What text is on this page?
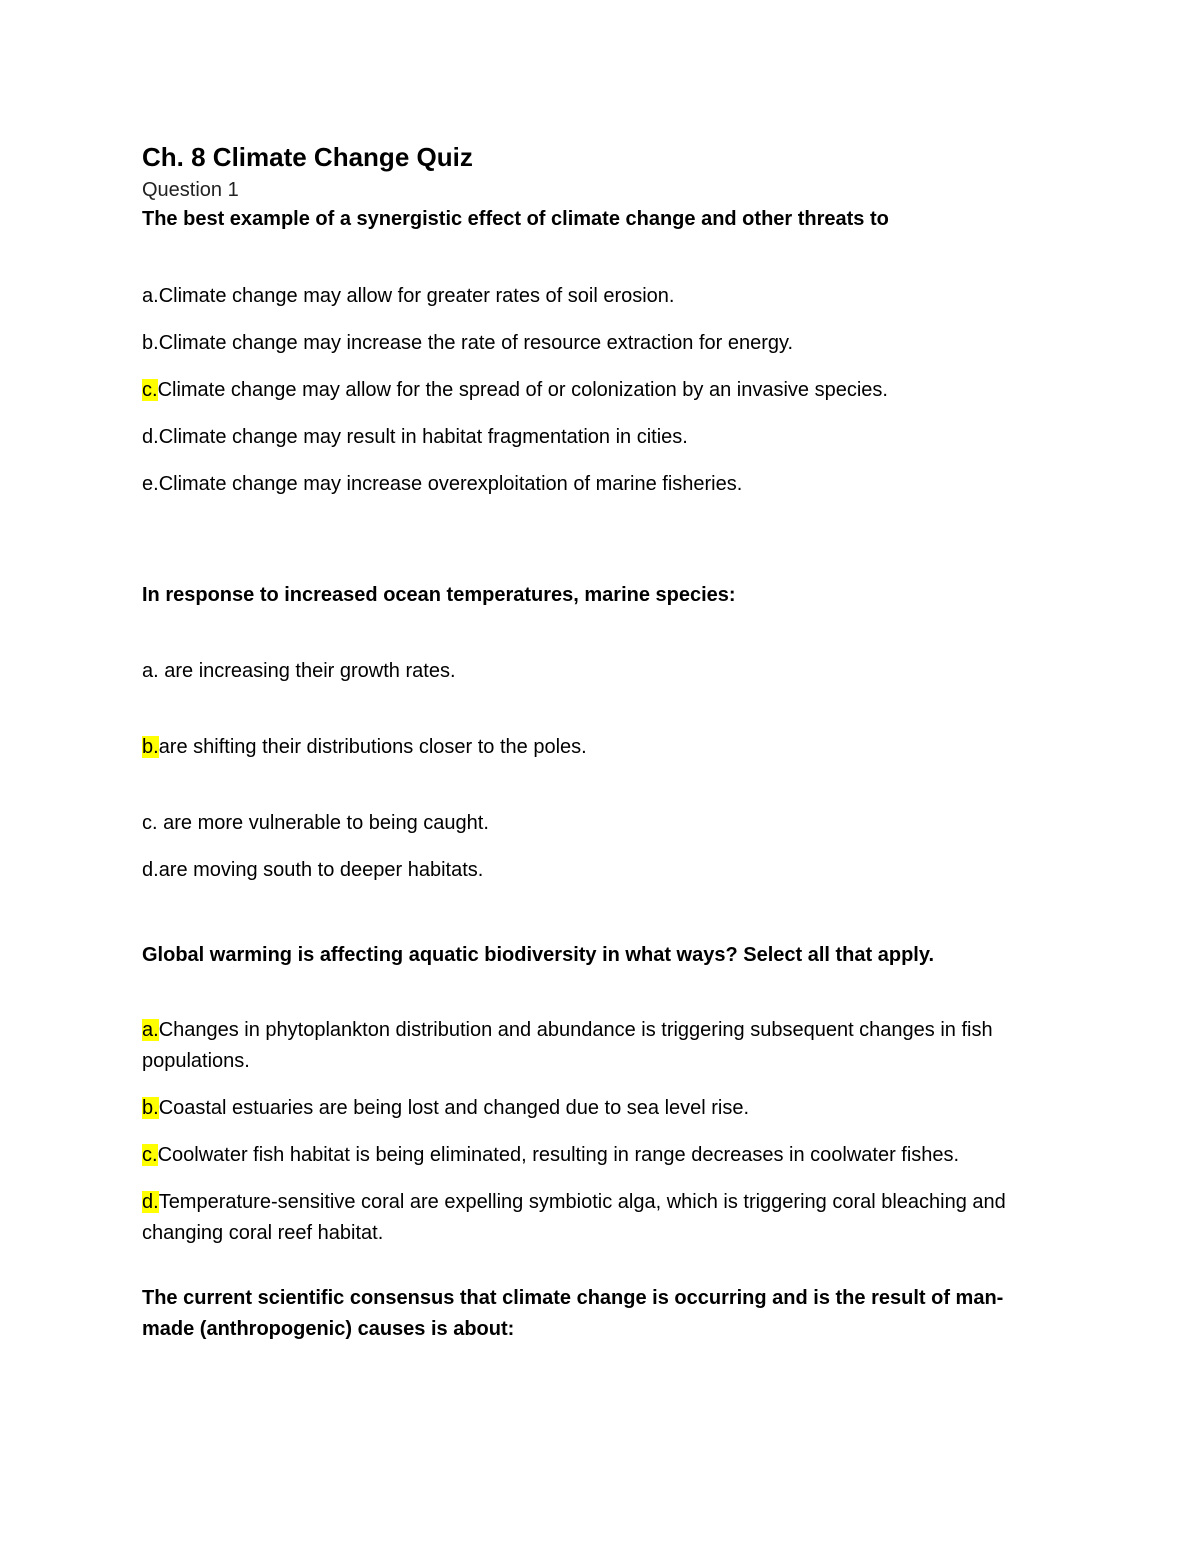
Ch. 8 Climate Change Quiz

Question 1

The best example of a synergistic effect of climate change and other threats to

a.Climate change may allow for greater rates of soil erosion.

b.Climate change may increase the rate of resource extraction for energy.

c.Climate change may allow for the spread of or colonization by an invasive species.

d.Climate change may result in habitat fragmentation in cities.

e.Climate change may increase overexploitation of marine fisheries.

In response to increased ocean temperatures, marine species:

a. are increasing their growth rates.

b.are shifting their distributions closer to the poles.

c. are more vulnerable to being caught.

d.are moving south to deeper habitats.

Global warming is affecting aquatic biodiversity in what ways? Select all that apply.

a.Changes in phytoplankton distribution and abundance is triggering subsequent changes in fish populations.

b.Coastal estuaries are being lost and changed due to sea level rise.

c.Coolwater fish habitat is being eliminated, resulting in range decreases in coolwater fishes.

d.Temperature-sensitive coral are expelling symbiotic alga, which is triggering coral bleaching and changing coral reef habitat.

The current scientific consensus that climate change is occurring and is the result of man-made (anthropogenic) causes is about:
